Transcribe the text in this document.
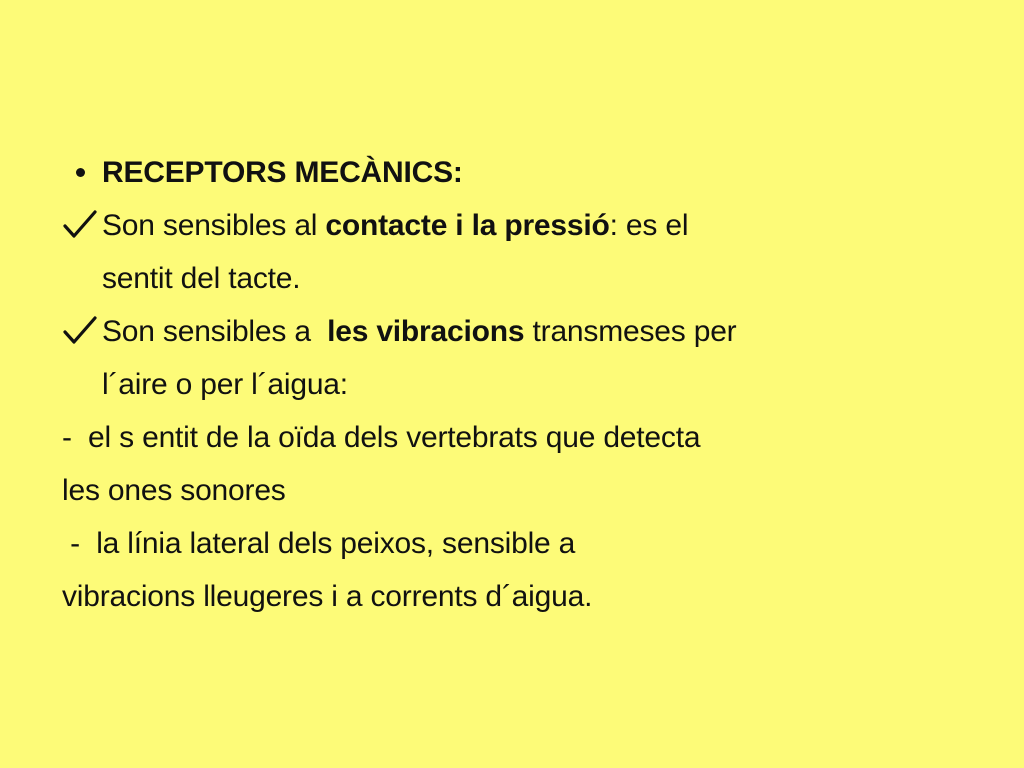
RECEPTORS MECÀNICS:
Son sensibles al contacte i la pressió: es el
sentit del tacte.
Son sensibles a  les vibracions transmeses per
l´aire o per l´aigua:
-  el s entit de la oïda dels vertebrats que detecta
les ones sonores
-  la línia lateral dels peixos, sensible a
vibracions lleugeres i a corrents d´aigua.
